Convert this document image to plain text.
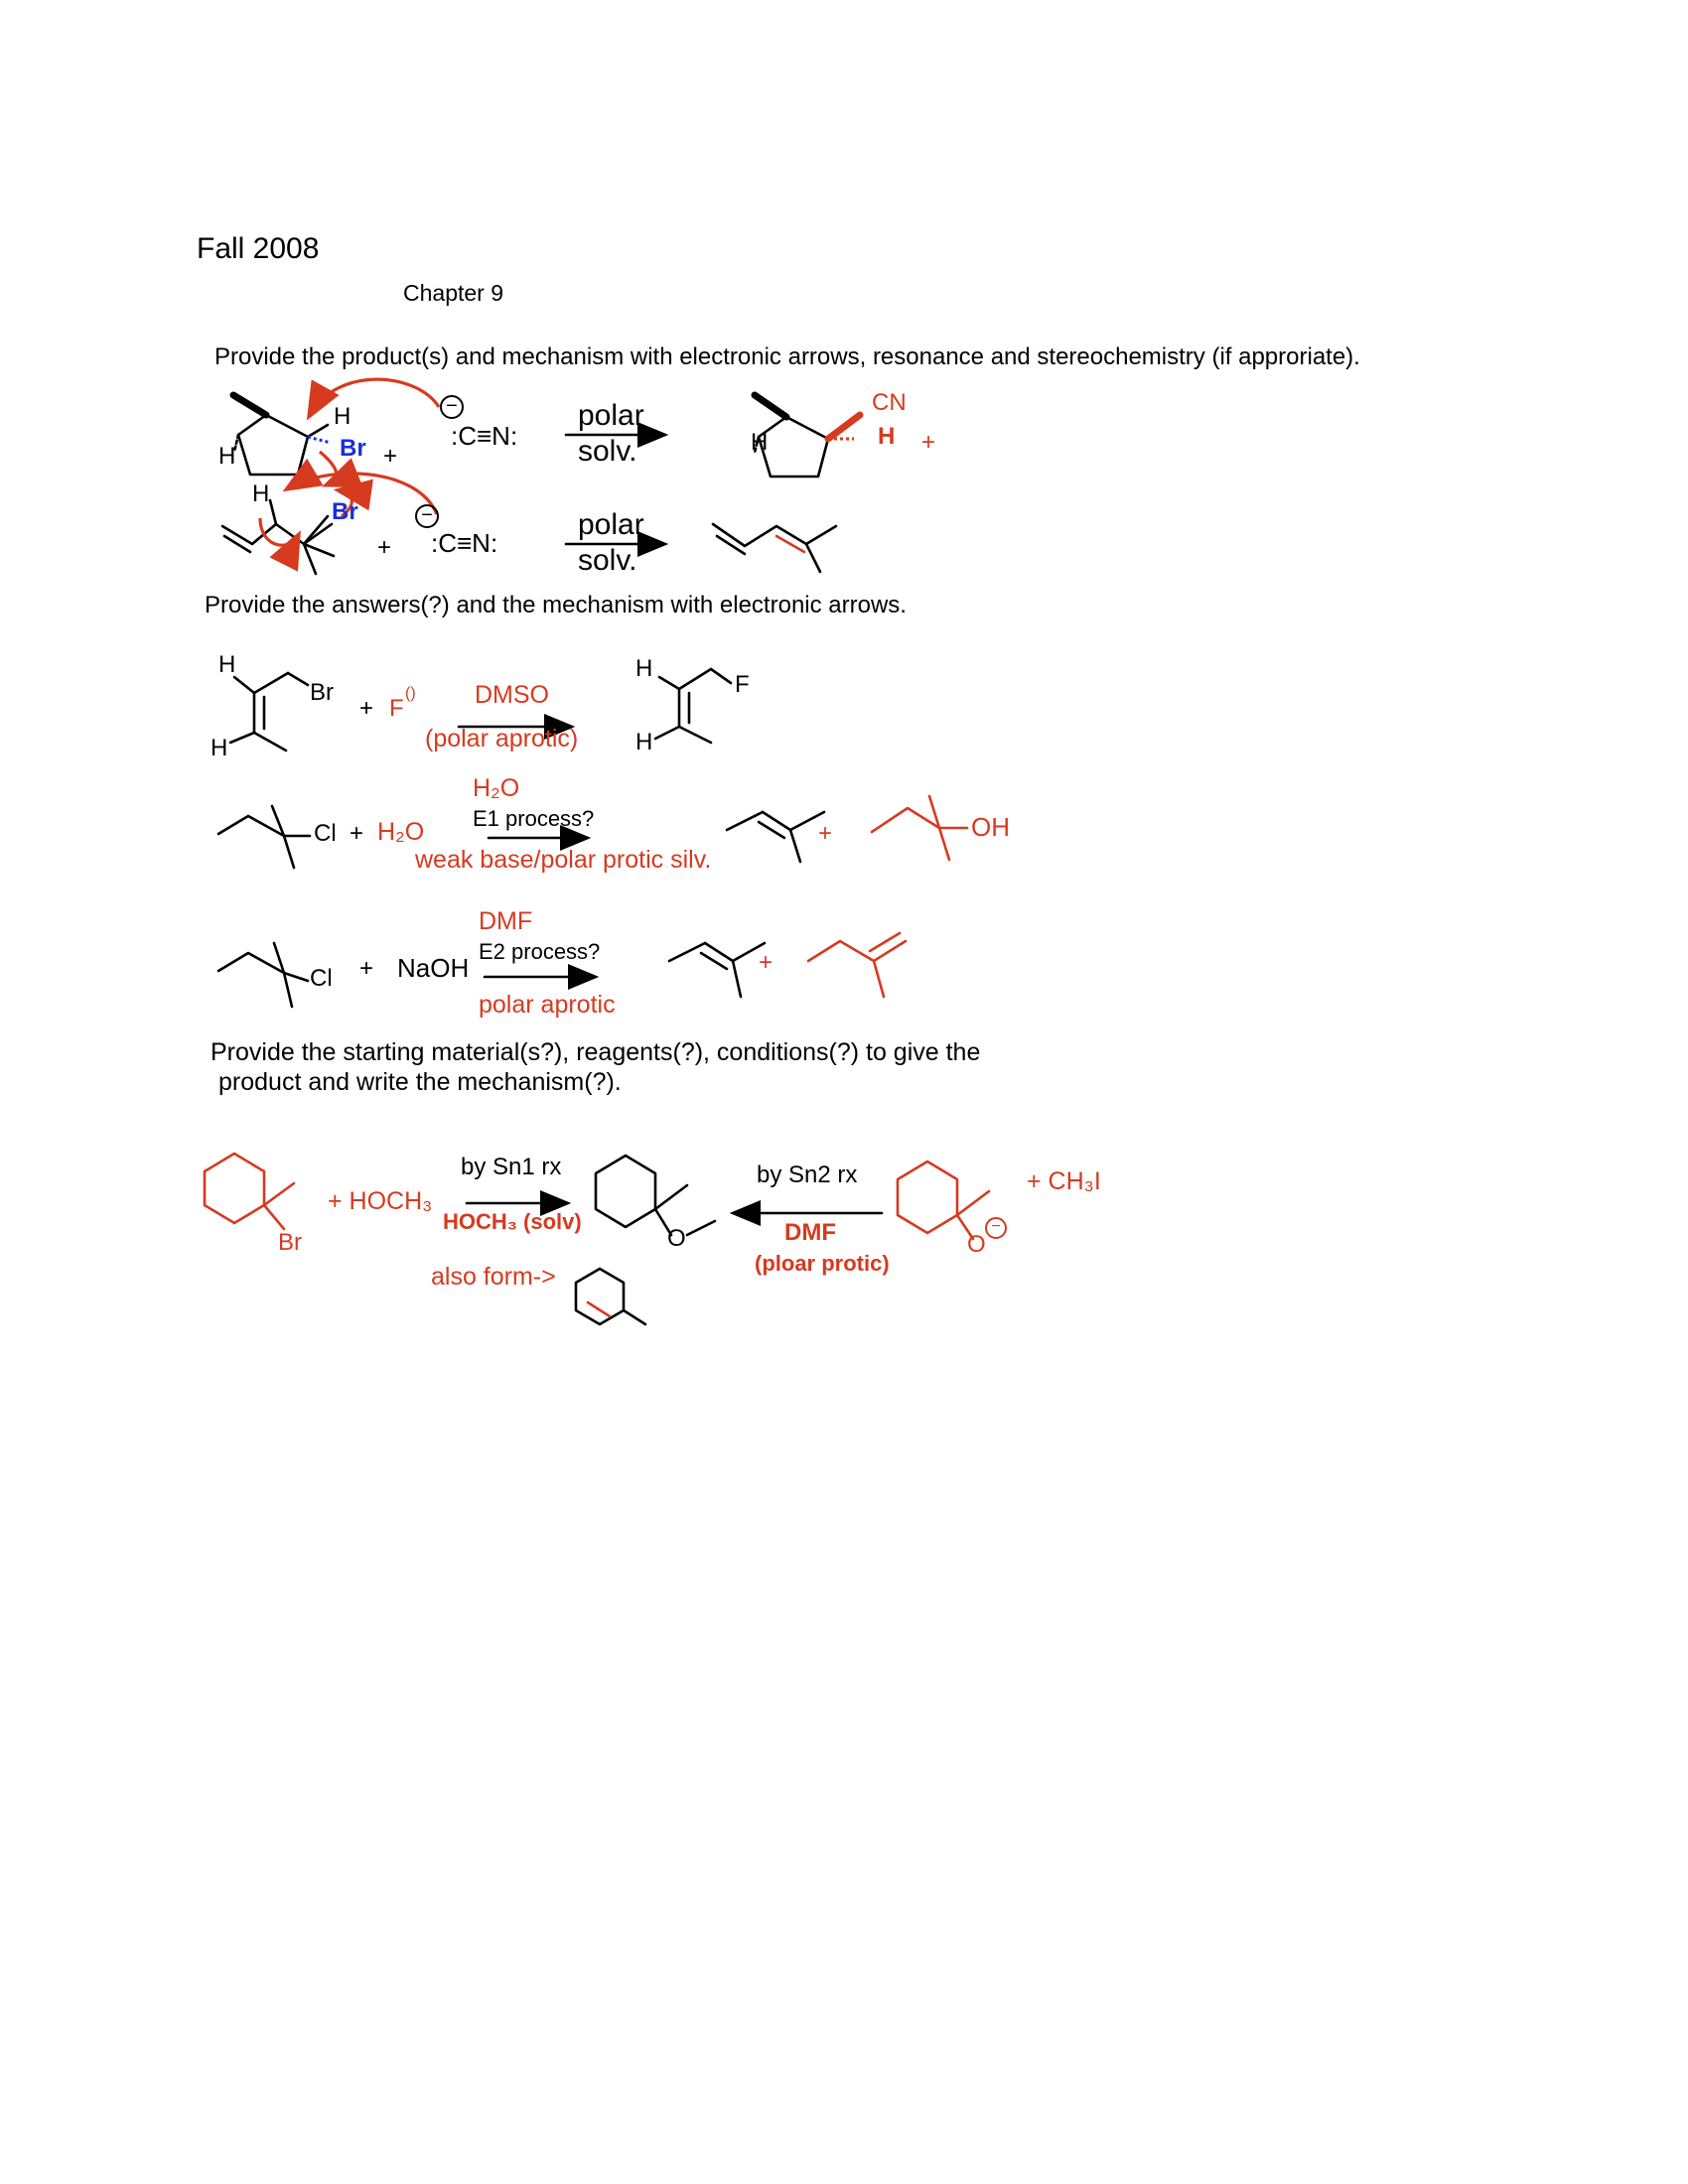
Fall 2008
Chapter 9
Provide the product(s) and mechanism with electronic arrows, resonance and stereochemistry (if approriate).
H
H
Br +
−
:C≡N:
polar
solv.	H
CN
H +
H
Br
+
−
:C≡N:
polar
solv.
Provide the answers(?) and the mechanism with electronic arrows.
H
H
Br
+ F
() DMSO
(polar aprotic)
H
H
F
Cl + H₂O
H₂O
E1 process?
weak base/polar protic silv.
+	OH
Cl + NaOH
DMF
E2 process?
polar aprotic
+
Provide the starting material(s?), reagents(?), conditions(?) to give the
product and write the mechanism(?).
Br
+ HOCH₃
by Sn1 rx
HOCH₃ (solv)
also form->
O
by Sn2 rx
DMF
(ploar protic)
O
−
+ CH₃I
